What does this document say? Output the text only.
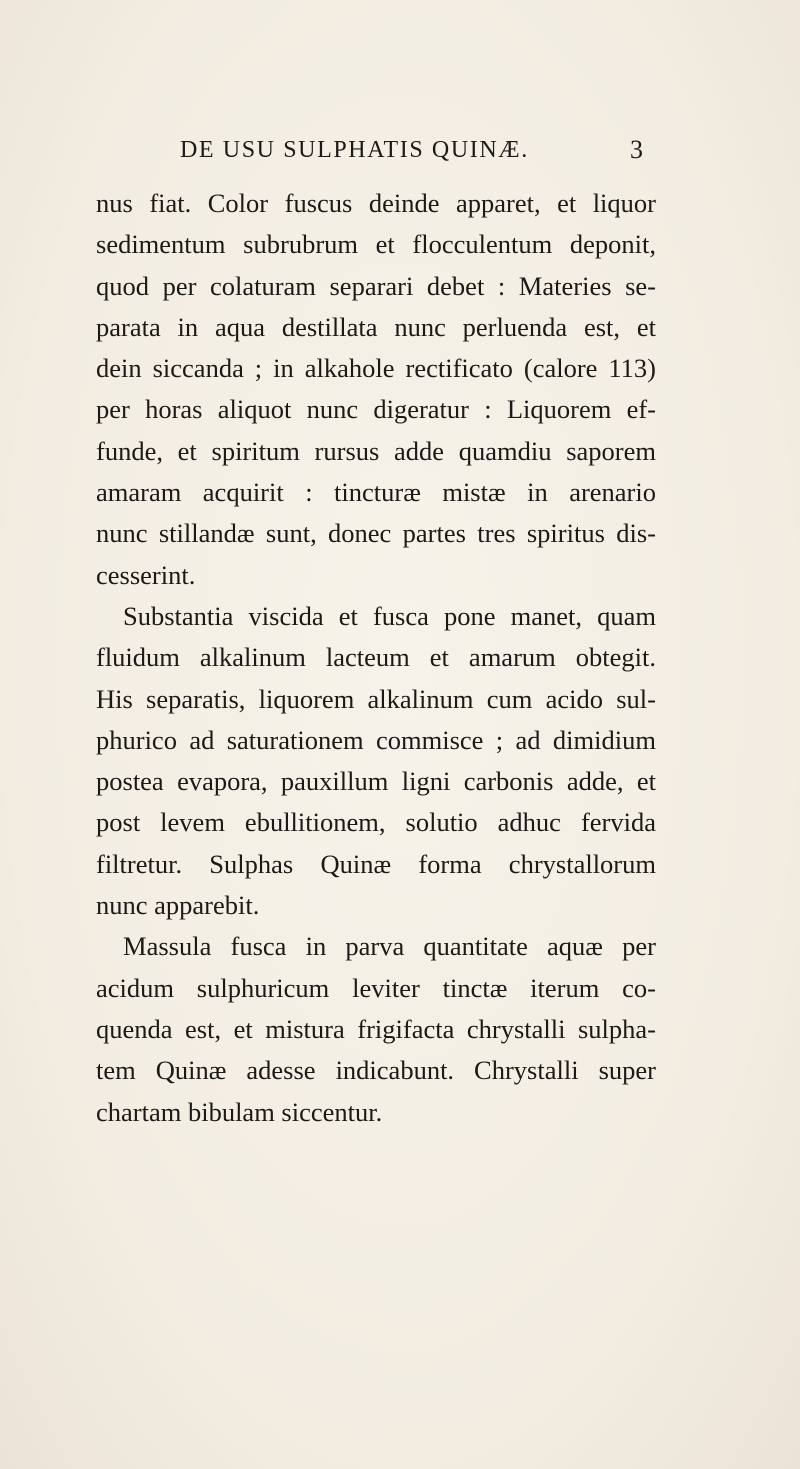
DE USU SULPHATIS QUINÆ.	3
nus fiat. Color fuscus deinde apparet, et liquor
sedimentum subrubrum et flocculentum deponit,
quod per colaturam separari debet : Materies se-
parata in aqua destillata nunc perluenda est, et
dein siccanda ; in alkahole rectificato (calore 113)
per horas aliquot nunc digeratur : Liquorem ef-
funde, et spiritum rursus adde quamdiu saporem
amaram acquirit : tincturæ mistæ in arenario
nunc stillandæ sunt, donec partes tres spiritus dis-
cesserint.
Substantia viscida et fusca pone manet, quam
fluidum alkalinum lacteum et amarum obtegit.
His separatis, liquorem alkalinum cum acido sul-
phurico ad saturationem commisce ; ad dimidium
postea evapora, pauxillum ligni carbonis adde, et
post levem ebullitionem, solutio adhuc fervida
filtretur. Sulphas Quinæ forma chrystallorum
nunc apparebit.
Massula fusca in parva quantitate aquæ per
acidum sulphuricum leviter tinctæ iterum co-
quenda est, et mistura frigifacta chrystalli sulpha-
tem Quinæ adesse indicabunt. Chrystalli super
chartam bibulam siccentur.
